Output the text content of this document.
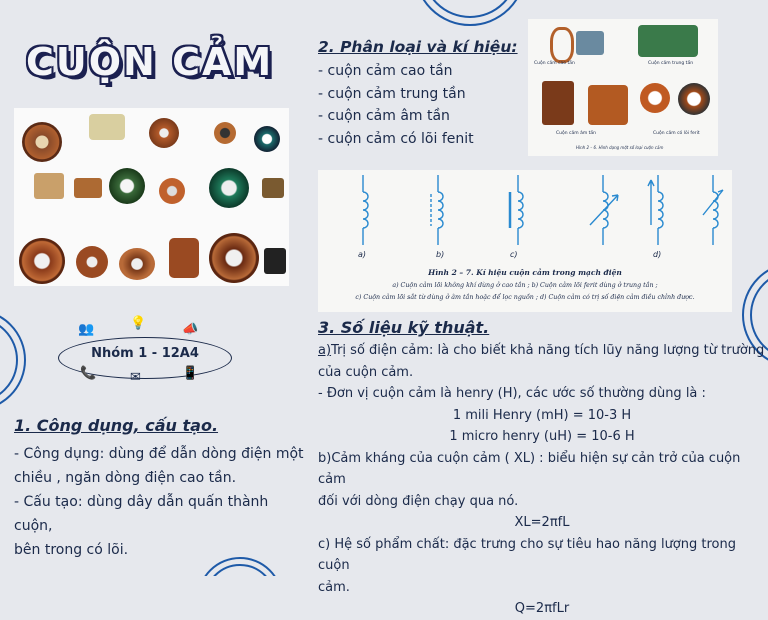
CUỘN CẢM
Nhóm 1 - 12A4
👥	💡	📣
📞	✉	📱
1. Công dụng, cấu tạo.
- Công dụng: dùng để dẫn dòng điện một
chiều , ngăn dòng điện cao tần.
- Cấu tạo: dùng dây dẫn quấn thành cuộn,
bên trong có lõi.
2. Phân loại và kí hiệu:
- cuộn cảm cao tần
- cuộn cảm trung tần
- cuộn cảm âm tần
- cuộn cảm có lõi fenit
Cuộn cảm cao tần	Cuộn cảm trung tần
Cuộn cảm âm tần	Cuộn cảm có lõi ferit
Hình 2 – 6. Hình dạng một số loại cuộn cảm
a)	b)	c)	d)
Hình 2 – 7. Kí hiệu cuộn cảm trong mạch điện
a) Cuộn cảm lõi không khí dùng ở cao tần ; b) Cuộn cảm lõi ferit dùng ở trung tần ;
c) Cuộn cảm lõi sắt từ dùng ở âm tần hoặc để lọc nguồn ; d) Cuộn cảm có trị số điện cảm điều chỉnh được.
3. Số liệu kỹ thuật.
a)Trị số điện cảm: là cho biết khả năng tích lũy năng lượng từ trường
của cuộn cảm.
- Đơn vị cuộn cảm là henry (H), các ước số thường dùng là :
1 mili Henry (mH) = 10-3 H
1 micro henry (uH) = 10-6 H
b)Cảm kháng của cuộn cảm ( XL) : biểu hiện sự cản trở của cuộn cảm
đối với dòng điện chạy qua nó.
XL=2πfL
c) Hệ số phẩm chất: đặc trưng cho sự tiêu hao năng lượng trong cuộn
cảm.
Q=2πfLr
